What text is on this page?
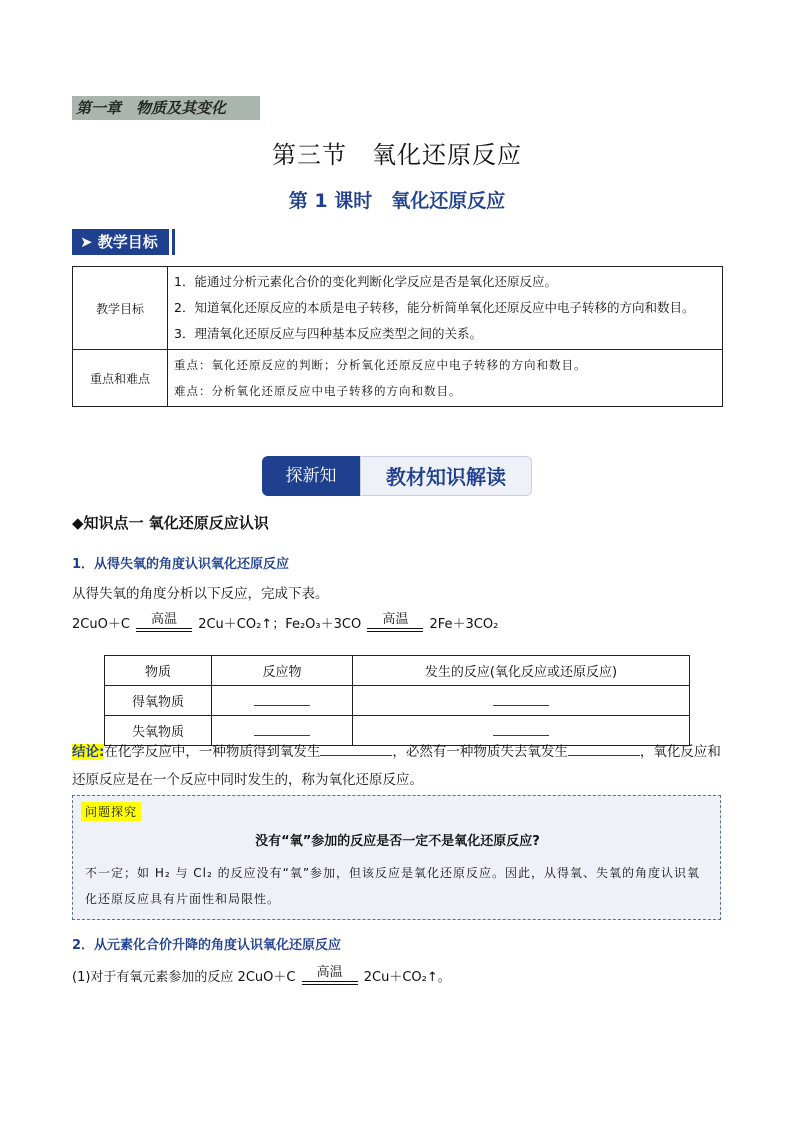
第一章　物质及其变化
第三节　氧化还原反应
第 1 课时　氧化还原反应
➤ 教学目标
教学目标	1．能通过分析元素化合价的变化判断化学反应是否是氧化还原反应。
2．知道氧化还原反应的本质是电子转移，能分析简单氧化还原反应中电子转移的方向和数目。
3．理清氧化还原反应与四种基本反应类型之间的关系。

重点和难点	重点：氧化还原反应的判断；分析氧化还原反应中电子转移的方向和数目。
难点：分析氧化还原反应中电子转移的方向和数目。
探新知	教材知识解读
◆知识点一 氧化还原反应认识
1．从得失氧的角度认识氧化还原反应
从得失氧的角度分析以下反应，完成下表。
2CuO＋C	高温	2Cu＋CO₂↑；Fe₂O₃＋3CO	高温	2Fe＋3CO₂
物质	反应物	发生的反应(氧化反应或还原反应)
得氧物质		
失氧物质		
结论:在化学反应中，一种物质得到氧发生	，必然有一种物质失去氧发生	，氧化反应和还原反应是在一个反应中同时发生的，称为氧化还原反应。
问题探究
没有“氧”参加的反应是否一定不是氧化还原反应?
不一定；如 H₂ 与 Cl₂ 的反应没有“氧”参加，但该反应是氧化还原反应。因此，从得氧、失氧的角度认识氧化还原反应具有片面性和局限性。
2．从元素化合价升降的角度认识氧化还原反应
(1)对于有氧元素参加的反应 2CuO＋C	高温	2Cu＋CO₂↑。
